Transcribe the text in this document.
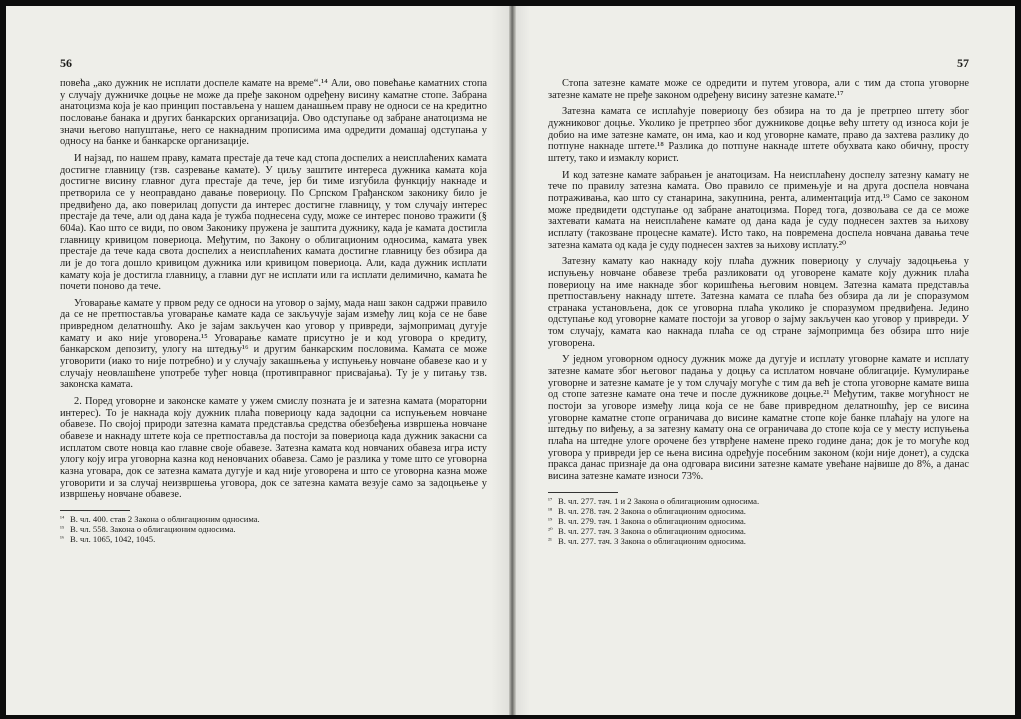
56

повећа „ако дужник не исплати доспеле камате на време“.¹⁴ Али, ово повећање каматних стопа у случају дужничке доцње не може да пређе законом одређену висину каматне стопе. Забрана анатоцизма која је као принцип постављена у нашем данашњем праву не односи се на кредитно пословање банака и других банкарских организација. Ово одступање од забране анатоцизма не значи његово напуштање, него се накнадним прописима има одредити домашај одступања у односу на банке и банкарске организације.

И најзад, по нашем праву, камата престаје да тече кад стопа доспелих а неисплаћених камата достигне главницу (тзв. сазревање камате). У циљу заштите интереса дужника камата која достигне висину главног дуга престаје да тече, јер би тиме изгубила функцију накнаде и претворила се у неоправдано давање повериоцу. По Српском Грађанском законику било је предвиђено да, ако поверилац допусти да интерес достигне главницу, у том случају интерес престаје да тече, али од дана када је тужба поднесена суду, може се интерес поново тражити (§ 604а). Као што се види, по овом Законику пружена је заштита дужнику, када је камата достигла главницу кривицом повериоца. Међутим, по Закону о облигационим односима, камата увек престаје да тече када свота доспелих а неисплаћених камата достигне главницу без обзира да ли је до тога дошло кривицом дужника или кривицом повериоца. Али, када дужник исплати камату која је достигла главницу, а главни дуг не исплати или га исплати делимично, камата ће почети поново да тече.

Уговарање камате у првом реду се односи на уговор о зајму, мада наш закон садржи правило да се не претпоставља уговарање камате када се закључује зајам између лиц која се не баве привредном делатношћу. Ако је зајам закључен као уговор у привреди, зајмопримац дугује камату и ако није уговорена.¹⁵ Уговарање камате присутно је и код уговора о кредиту, банкарском депозиту, улогу на штедњу¹⁶ и другим банкарским пословима. Камата се може уговорити (иако то није потребно) и у случају закашњења у испуњењу новчане обавезе као и у случају неовлашћене употребе туђег новца (противправног присвајања). Ту је у питању тзв. законска камата.

2. Поред уговорне и законске камате у ужем смислу позната је и затезна камата (мораторни интерес). То је накнада коју дужник плаћа повериоцу када задоцни са испуњењем новчане обавезе. По својој природи затезна камата представља средства обезбеђења извршења новчане обавезе и накнаду штете која се претпоставља да постоји за повериоца када дужник закасни са исплатом своте новца као главне своје обавезе. Затезна камата код новчаних обавеза игра исту улогу коју игра уговорна казна код неновчаних обавеза. Само је разлика у томе што се уговорна казна уговара, док се затезна камата дугује и кад није уговорена и што се уговорна казна може уговорити и за случај неизвршења уговора, док се затезна камата везује само за задоцњење у извршењу новчане обавезе.

¹⁴ В. чл. 400. став 2 Закона о облигационим односима.

¹⁵ В. чл. 558. Закона о облигационим односима.

¹⁶ В. чл. 1065, 1042, 1045.

57

Стопа затезне камате може се одредити и путем уговора, али с тим да стопа уговорне затезне камате не пређе законом одређену висину затезне камате.¹⁷

Затезна камата се исплаћује повериоцу без обзира на то да је претрпео штету због дужниковог доцње. Уколико је претрпео због дужникове доцње већу штету од износа који је добио на име затезне камате, он има, као и код уговорне камате, право да захтева разлику до потпуне накнаде штете.¹⁸ Разлика до потпуне накнаде штете обухвата како обичну, просту штету, тако и измаклу корист.

И код затезне камате забрањен је анатоцизам. На неисплаћену доспелу затезну камату не тече по правилу затезна камата. Ово правило се примењује и на друга доспела новчана потраживања, као што су станарина, закупнина, рента, алиментација итд.¹⁹ Само се законом може предвидети одступање од забране анатоцизма. Поред тога, дозвољава се да се може захтевати камата на неисплаћене камате од дана када је суду поднесен захтев за њихову исплату (такозване процесне камате). Исто тако, на повремена доспела новчана давања тече затезна камата од када је суду поднесен захтев за њихову исплату.²⁰

Затезну камату као накнаду коју плаћа дужник повериоцу у случају задоцњења у испуњењу новчане обавезе треба разликовати од уговорене камате коју дужник плаћа повериоцу на име накнаде због коришћења његовим новцем. Затезна камата представља претпостављену накнаду штете. Затезна камата се плаћа без обзира да ли је споразумом странака установљена, док се уговорна плаћа уколико је споразумом предвиђена. Једино одступање код уговорне камате постоји за уговор о зајму закључен као уговор у привреди. У том случају, камата као накнада плаћа се од стране зајмопримца без обзира што није уговорена.

У једном уговорном односу дужник може да дугује и исплату уговорне камате и исплату затезне камате због његовог падања у доцњу са исплатом новчане облигације. Кумулирање уговорне и затезне камате је у том случају могуће с тим да већ је стопа уговорне камате виша од стопе затезне камате она тече и после дужникове доцње.²¹ Међутим, такве могућност не постоји за уговоре између лица која се не баве привредном делатношћу, јер се висина уговорне каматне стопе ограничава до висине каматне стопе које банке плаћају на улоге на штедњу по виђењу, а за затезну камату она се ограничава до стопе која се у месту испуњења плаћа на штедне улоге орочене без утврђене намене преко године дана; док је то могуће код уговора у привреди јер се њена висина одређује посебним законом (који није донет), а судска пракса данас признаје да она одговара висини затезне камате увећане највише до 8%, а данас висина затезне камате износи 73%.

¹⁷ В. чл. 277. тач. 1 и 2 Закона о облигационим односима.

¹⁸ В. чл. 278. тач. 2 Закона о облигационим односима.

¹⁹ В. чл. 279. тач. 1 Закона о облигационим односима.

²⁰ В. чл. 277. тач. 3 Закона о облигационим односима.

²¹ В. чл. 277. тач. 3 Закона о облигационим односима.
